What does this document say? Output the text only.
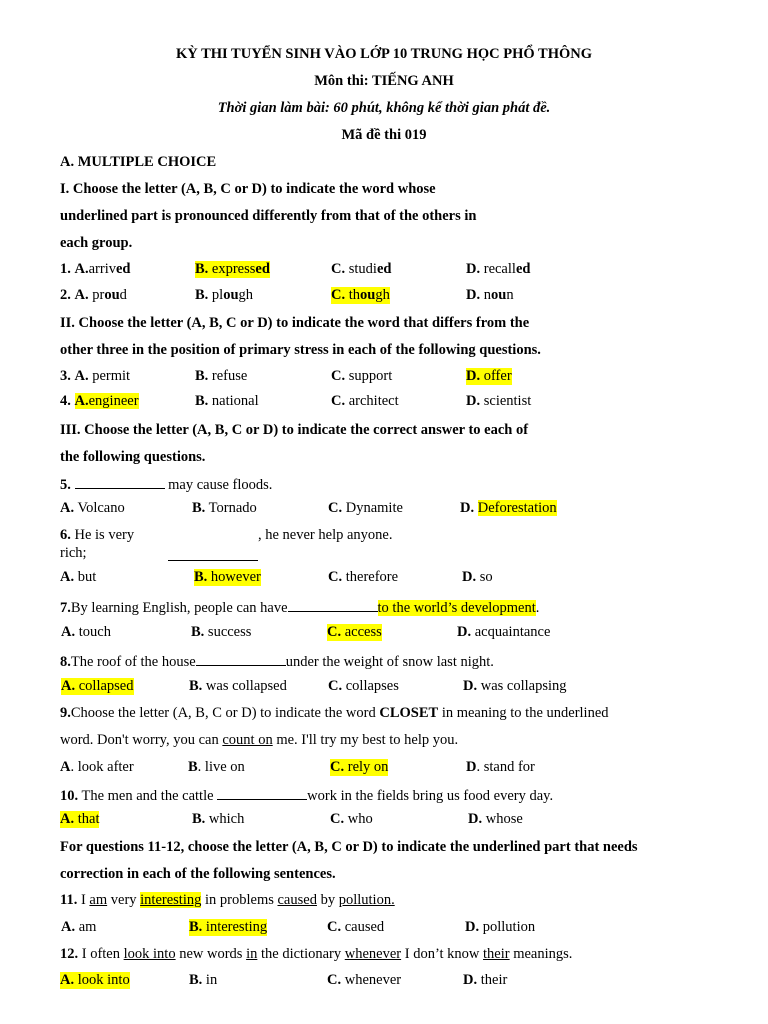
KỲ THI TUYỂN SINH VÀO LỚP 10 TRUNG HỌC PHỔ THÔNG
Môn thi: TIẾNG ANH
Thời gian làm bài: 60 phút, không kể thời gian phát đề.
Mã đề thi 019
A. MULTIPLE CHOICE
I. Choose the letter (A, B, C or D) to indicate the word whose
underlined part is pronounced differently from that of the others in
each group.
1. A.arrived	B. expressed	C. studied	D. recalled
2. A. proud	B. plough	C. though	D. noun
II. Choose the letter (A, B, C or D) to indicate the word that differs from the
other three in the position of primary stress in each of the following questions.
3. A. permit	B. refuse	C. support	D. offer
4. A.engineer	B. national	C. architect	D. scientist
III. Choose the letter (A, B, C or D) to indicate the correct answer to each of
the following questions.
5.	may cause floods.
A. Volcano	B. Tornado	C. Dynamite	D. Deforestation
6. He is very
rich;
, he never help anyone.
A. but	B. however	C. therefore	D. so
7.By learning English, people can have	to the world’s development.
A. touch	B. success	C. access	D. acquaintance
8.The roof of the house	under the weight of snow last night.
A. collapsed	B. was collapsed	C. collapses	D. was collapsing
9.Choose the letter (A, B, C or D) to indicate the word CLOSET in meaning to the underlined
word. Don't worry, you can count on me. I'll try my best to help you.
A. look after	B. live on	C. rely on	D. stand for
10. The men and the cattle	work in the fields bring us food every day.
A. that	B. which	C. who	D. whose
For questions 11-12, choose the letter (A, B, C or D) to indicate the underlined part that needs
correction in each of the following sentences.
11. I am very interesting in problems caused by pollution.
A. am	B. interesting	C. caused	D. pollution
12. I often look into new words in the dictionary whenever I don’t know their meanings.
A. look into	B. in	C. whenever	D. their
